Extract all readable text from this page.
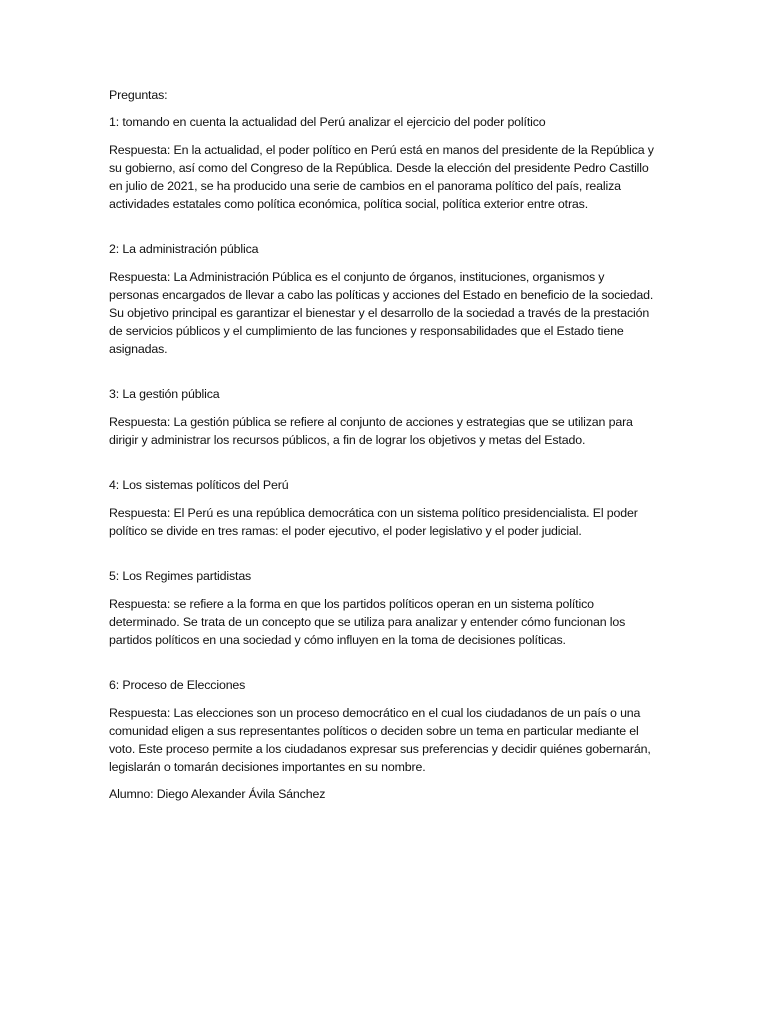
Preguntas:

1: tomando en cuenta la actualidad del Perú analizar el ejercicio del poder político

Respuesta: En la actualidad, el poder político en Perú está en manos del presidente de la República y su gobierno, así como del Congreso de la República. Desde la elección del presidente Pedro Castillo en julio de 2021, se ha producido una serie de cambios en el panorama político del país, realiza actividades estatales como política económica, política social, política exterior entre otras.

2: La administración pública

Respuesta: La Administración Pública es el conjunto de órganos, instituciones, organismos y personas encargados de llevar a cabo las políticas y acciones del Estado en beneficio de la sociedad. Su objetivo principal es garantizar el bienestar y el desarrollo de la sociedad a través de la prestación de servicios públicos y el cumplimiento de las funciones y responsabilidades que el Estado tiene asignadas.

3: La gestión pública

Respuesta: La gestión pública se refiere al conjunto de acciones y estrategias que se utilizan para dirigir y administrar los recursos públicos, a fin de lograr los objetivos y metas del Estado.

4: Los sistemas políticos del Perú

Respuesta: El Perú es una república democrática con un sistema político presidencialista. El poder político se divide en tres ramas: el poder ejecutivo, el poder legislativo y el poder judicial.

5: Los Regimes partidistas

Respuesta: se refiere a la forma en que los partidos políticos operan en un sistema político determinado. Se trata de un concepto que se utiliza para analizar y entender cómo funcionan los partidos políticos en una sociedad y cómo influyen en la toma de decisiones políticas.

6: Proceso de Elecciones

Respuesta: Las elecciones son un proceso democrático en el cual los ciudadanos de un país o una comunidad eligen a sus representantes políticos o deciden sobre un tema en particular mediante el voto. Este proceso permite a los ciudadanos expresar sus preferencias y decidir quiénes gobernarán, legislarán o tomarán decisiones importantes en su nombre.

Alumno: Diego Alexander Ávila Sánchez
